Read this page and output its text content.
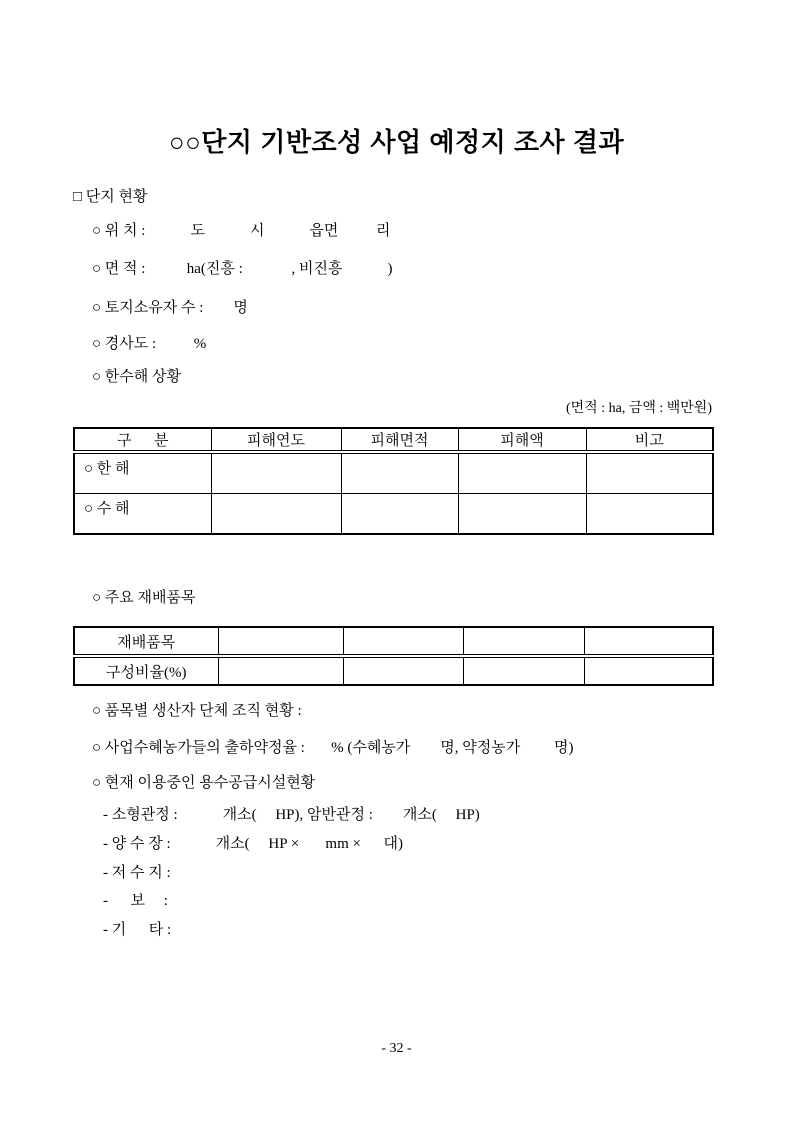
○○단지 기반조성 사업 예정지 조사 결과
□ 단지 현황
○ 위 치 :            도            시            읍면          리
○ 면 적 :           ha(진흥 :             , 비진흥            )
○ 토지소유자 수 :        명
○ 경사도 :          %
○ 한수해 상황
(면적 : ha, 금액 : 백만원)
구      분	피해연도	피해면적	피해액	비고
○ 한 해				
○ 수 해				
○ 주요 재배품목
재배품목				
구성비율(%)				
○ 품목별 생산자 단체 조직 현황 :
○ 사업수혜농가들의 출하약정율 :       % (수혜농가        명, 약정농가         명)
○ 현재 이용중인 용수공급시설현황
- 소형관정 :            개소(     HP), 암반관정 :        개소(     HP)
- 양 수 장 :            개소(     HP ×       mm ×      대)
- 저 수 지 :
-      보     :
- 기      타 :
- 32 -
